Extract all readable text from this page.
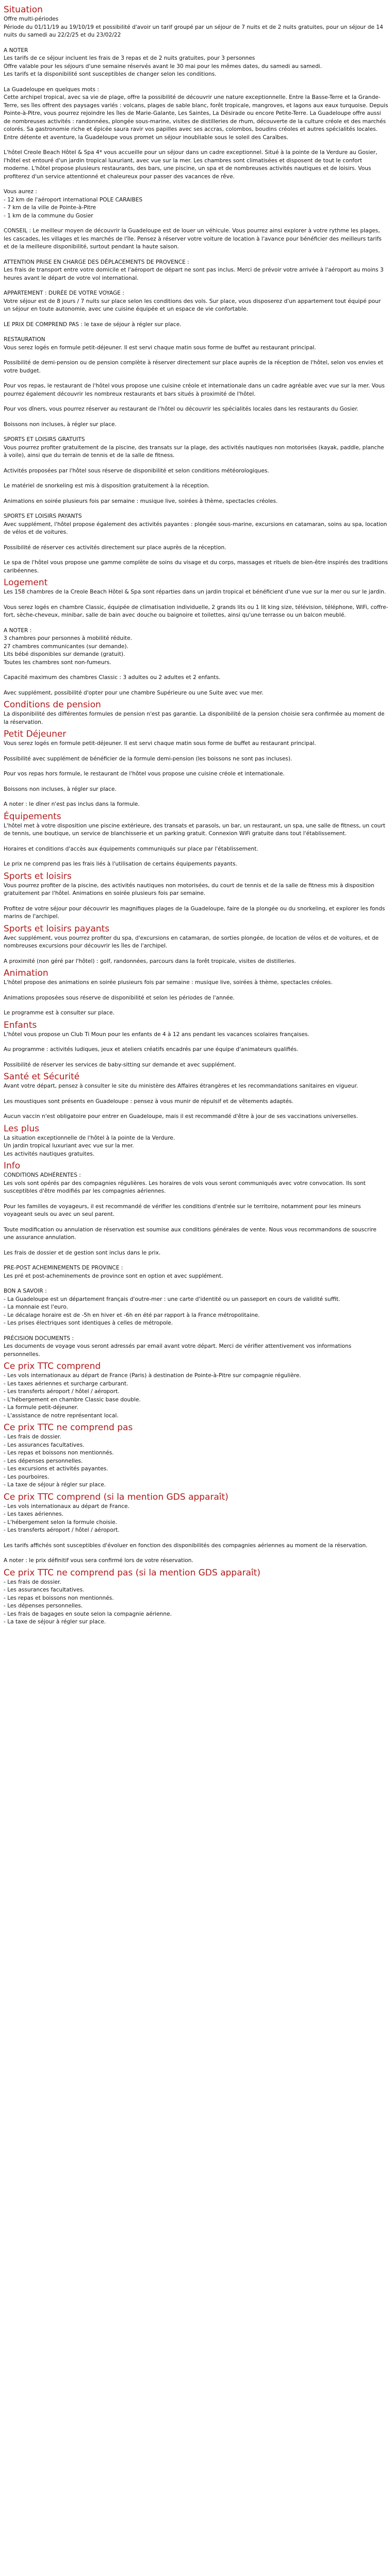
Situation

Offre multi-périodes
Période du 01/11/19 au 19/10/19 et possibilité d'avoir un tarif groupé par un séjour de 7 nuits et de 2 nuits gratuites, pour un séjour de 14 nuits du samedi au 22/2/25 et du 23/02/22

A NOTER
Les tarifs de ce séjour incluent les frais de 3 repas et de 2 nuits gratuites, pour 3 personnes
Offre valable pour les séjours d'une semaine réservés avant le 30 mai pour les mêmes dates, du samedi au samedi.
Les tarifs et la disponibilité sont susceptibles de changer selon les conditions.

La Guadeloupe en quelques mots :
Cette archipel tropical, avec sa vie de plage, offre la possibilité de découvrir une nature exceptionnelle. Entre la Basse-Terre et la Grande-Terre, ses îles offrent des paysages variés : volcans, plages de sable blanc, forêt tropicale, mangroves, et lagons aux eaux turquoise. Depuis Pointe-à-Pitre, vous pourrez rejoindre les îles de Marie-Galante, Les Saintes, La Désirade ou encore Petite-Terre. La Guadeloupe offre aussi de nombreuses activités : randonnées, plongée sous-marine, visites de distilleries de rhum, découverte de la culture créole et des marchés colorés. Sa gastronomie riche et épicée saura ravir vos papilles avec ses accras, colombos, boudins créoles et autres spécialités locales. Entre détente et aventure, la Guadeloupe vous promet un séjour inoubliable sous le soleil des Caraïbes.

L'hôtel Creole Beach Hôtel & Spa 4* vous accueille pour un séjour dans un cadre exceptionnel. Situé à la pointe de la Verdure au Gosier, l'hôtel est entouré d'un jardin tropical luxuriant, avec vue sur la mer. Les chambres sont climatisées et disposent de tout le confort moderne. L'hôtel propose plusieurs restaurants, des bars, une piscine, un spa et de nombreuses activités nautiques et de loisirs. Vous profiterez d'un service attentionné et chaleureux pour passer des vacances de rêve.

Vous aurez :
- 12 km de l'aéroport international POLE CARAIBES
- 7 km de la ville de Pointe-à-Pitre
- 1 km de la commune du Gosier

CONSEIL : Le meilleur moyen de découvrir la Guadeloupe est de louer un véhicule. Vous pourrez ainsi explorer à votre rythme les plages, les cascades, les villages et les marchés de l'île. Pensez à réserver votre voiture de location à l'avance pour bénéficier des meilleurs tarifs et de la meilleure disponibilité, surtout pendant la haute saison.

ATTENTION PRISE EN CHARGE DES DÉPLACEMENTS DE PROVENCE :
Les frais de transport entre votre domicile et l'aéroport de départ ne sont pas inclus. Merci de prévoir votre arrivée à l'aéroport au moins 3 heures avant le départ de votre vol international.

APPARTEMENT : DURÉE DE VOTRE VOYAGE :
Votre séjour est de 8 jours / 7 nuits sur place selon les conditions des vols. Sur place, vous disposerez d'un appartement tout équipé pour un séjour en toute autonomie, avec une cuisine équipée et un espace de vie confortable.

LE PRIX DE COMPREND PAS : le taxe de séjour à régler sur place.

RESTAURATION
Vous serez logés en formule petit-déjeuner. Il est servi chaque matin sous forme de buffet au restaurant principal.

Possibilité de demi-pension ou de pension complète à réserver directement sur place auprès de la réception de l'hôtel, selon vos envies et votre budget.

Pour vos repas, le restaurant de l'hôtel vous propose une cuisine créole et internationale dans un cadre agréable avec vue sur la mer. Vous pourrez également découvrir les nombreux restaurants et bars situés à proximité de l'hôtel.

Pour vos dîners, vous pourrez réserver au restaurant de l'hôtel ou découvrir les spécialités locales dans les restaurants du Gosier.

Boissons non incluses, à régler sur place.

SPORTS ET LOISIRS GRATUITS
Vous pourrez profiter gratuitement de la piscine, des transats sur la plage, des activités nautiques non motorisées (kayak, paddle, planche à voile), ainsi que du terrain de tennis et de la salle de fitness.

Activités proposées par l'hôtel sous réserve de disponibilité et selon conditions météorologiques.

Le matériel de snorkeling est mis à disposition gratuitement à la réception.

Animations en soirée plusieurs fois par semaine : musique live, soirées à thème, spectacles créoles.

SPORTS ET LOISIRS PAYANTS
Avec supplément, l'hôtel propose également des activités payantes : plongée sous-marine, excursions en catamaran, soins au spa, location de vélos et de voitures.

Possibilité de réserver ces activités directement sur place auprès de la réception.

Le spa de l'hôtel vous propose une gamme complète de soins du visage et du corps, massages et rituels de bien-être inspirés des traditions caribéennes.

Logement

Les 158 chambres de la Creole Beach Hôtel & Spa sont réparties dans un jardin tropical et bénéficient d'une vue sur la mer ou sur le jardin.

Vous serez logés en chambre Classic, équipée de climatisation individuelle, 2 grands lits ou 1 lit king size, télévision, téléphone, WiFi, coffre-fort, sèche-cheveux, minibar, salle de bain avec douche ou baignoire et toilettes, ainsi qu'une terrasse ou un balcon meublé.

A NOTER :
3 chambres pour personnes à mobilité réduite.
27 chambres communicantes (sur demande).
Lits bébé disponibles sur demande (gratuit).
Toutes les chambres sont non-fumeurs.

Capacité maximum des chambres Classic : 3 adultes ou 2 adultes et 2 enfants.

Avec supplément, possibilité d'opter pour une chambre Supérieure ou une Suite avec vue mer.

Conditions de pension

La disponibilité des différentes formules de pension n'est pas garantie. La disponibilité de la pension choisie sera confirmée au moment de la réservation.

Petit Déjeuner

Vous serez logés en formule petit-déjeuner. Il est servi chaque matin sous forme de buffet au restaurant principal.

Possibilité avec supplément de bénéficier de la formule demi-pension (les boissons ne sont pas incluses).

Pour vos repas hors formule, le restaurant de l'hôtel vous propose une cuisine créole et internationale.

Boissons non incluses, à régler sur place.

A noter : le dîner n'est pas inclus dans la formule.

Équipements

L'hôtel met à votre disposition une piscine extérieure, des transats et parasols, un bar, un restaurant, un spa, une salle de fitness, un court de tennis, une boutique, un service de blanchisserie et un parking gratuit. Connexion WiFi gratuite dans tout l'établissement.

Horaires et conditions d'accès aux équipements communiqués sur place par l'établissement.

Le prix ne comprend pas les frais liés à l'utilisation de certains équipements payants.

Sports et loisirs

Vous pourrez profiter de la piscine, des activités nautiques non motorisées, du court de tennis et de la salle de fitness mis à disposition gratuitement par l'hôtel. Animations en soirée plusieurs fois par semaine.

Profitez de votre séjour pour découvrir les magnifiques plages de la Guadeloupe, faire de la plongée ou du snorkeling, et explorer les fonds marins de l'archipel.

Sports et loisirs payants

Avec supplément, vous pourrez profiter du spa, d'excursions en catamaran, de sorties plongée, de location de vélos et de voitures, et de nombreuses excursions pour découvrir les îles de l'archipel.

A proximité (non géré par l'hôtel) : golf, randonnées, parcours dans la forêt tropicale, visites de distilleries.

Animation

L'hôtel propose des animations en soirée plusieurs fois par semaine : musique live, soirées à thème, spectacles créoles.

Animations proposées sous réserve de disponibilité et selon les périodes de l'année.

Le programme est à consulter sur place.

Enfants

L'hôtel vous propose un Club Ti Moun pour les enfants de 4 à 12 ans pendant les vacances scolaires françaises.

Au programme : activités ludiques, jeux et ateliers créatifs encadrés par une équipe d'animateurs qualifiés.

Possibilité de réserver les services de baby-sitting sur demande et avec supplément.

Santé et Sécurité

Avant votre départ, pensez à consulter le site du ministère des Affaires étrangères et les recommandations sanitaires en vigueur.

Les moustiques sont présents en Guadeloupe : pensez à vous munir de répulsif et de vêtements adaptés.

Aucun vaccin n'est obligatoire pour entrer en Guadeloupe, mais il est recommandé d'être à jour de ses vaccinations universelles.

Les plus

La situation exceptionnelle de l'hôtel à la pointe de la Verdure.
Un jardin tropical luxuriant avec vue sur la mer.
Les activités nautiques gratuites.

Info

CONDITIONS ADHÉRENTES :
Les vols sont opérés par des compagnies régulières. Les horaires de vols vous seront communiqués avec votre convocation. Ils sont susceptibles d'être modifiés par les compagnies aériennes.

Pour les familles de voyageurs, il est recommandé de vérifier les conditions d'entrée sur le territoire, notamment pour les mineurs voyageant seuls ou avec un seul parent.

Toute modification ou annulation de réservation est soumise aux conditions générales de vente. Nous vous recommandons de souscrire une assurance annulation.

Les frais de dossier et de gestion sont inclus dans le prix.

PRE-POST ACHEMINEMENTS DE PROVINCE :
Les pré et post-acheminements de province sont en option et avec supplément.

BON A SAVOIR :
- La Guadeloupe est un département français d'outre-mer : une carte d'identité ou un passeport en cours de validité suffit.
- La monnaie est l'euro.
- Le décalage horaire est de -5h en hiver et -6h en été par rapport à la France métropolitaine.
- Les prises électriques sont identiques à celles de métropole.

PRÉCISION DOCUMENTS :
Les documents de voyage vous seront adressés par email avant votre départ. Merci de vérifier attentivement vos informations personnelles.

Ce prix TTC comprend

- Les vols internationaux au départ de France (Paris) à destination de Pointe-à-Pitre sur compagnie régulière.
- Les taxes aériennes et surcharge carburant.
- Les transferts aéroport / hôtel / aéroport.
- L'hébergement en chambre Classic base double.
- La formule petit-déjeuner.
- L'assistance de notre représentant local.

Ce prix TTC ne comprend pas

- Les frais de dossier.
- Les assurances facultatives.
- Les repas et boissons non mentionnés.
- Les dépenses personnelles.
- Les excursions et activités payantes.
- Les pourboires.
- La taxe de séjour à régler sur place.

Ce prix TTC comprend (si la mention GDS apparaît)

- Les vols internationaux au départ de France.
- Les taxes aériennes.
- L'hébergement selon la formule choisie.
- Les transferts aéroport / hôtel / aéroport.

Les tarifs affichés sont susceptibles d'évoluer en fonction des disponibilités des compagnies aériennes au moment de la réservation.

A noter : le prix définitif vous sera confirmé lors de votre réservation.

Ce prix TTC ne comprend pas (si la mention GDS apparaît)

- Les frais de dossier.
- Les assurances facultatives.
- Les repas et boissons non mentionnés.
- Les dépenses personnelles.
- Les frais de bagages en soute selon la compagnie aérienne.
- La taxe de séjour à régler sur place.
